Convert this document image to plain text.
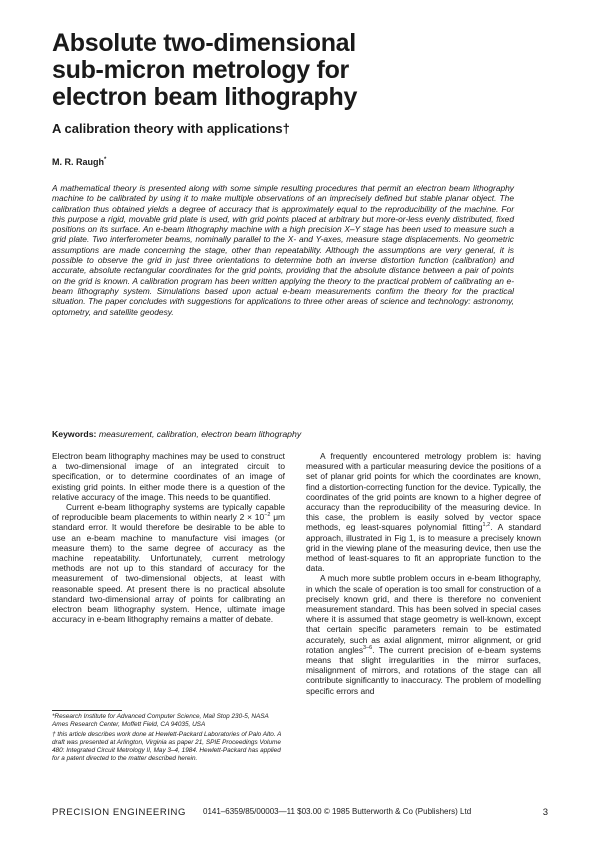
Absolute two-dimensional
sub-micron metrology for
electron beam lithography
A calibration theory with applications†
M. R. Raugh*

A mathematical theory is presented along with some simple resulting procedures that permit an electron beam lithography machine to be calibrated by using it to make multiple observations of an imprecisely defined but stable planar object. The calibration thus obtained yields a degree of accuracy that is approximately equal to the reproducibility of the machine. For this purpose a rigid, movable grid plate is used, with grid points placed at arbitrary but more-or-less evenly distributed, fixed positions on its surface. An e-beam lithography machine with a high precision X–Y stage has been used to measure such a grid plate. Two interferometer beams, nominally parallel to the X- and Y-axes, measure stage displacements. No geometric assumptions are made concerning the stage, other than repeatability. Although the assumptions are very general, it is possible to observe the grid in just three orientations to determine both an inverse distortion function (calibration) and accurate, absolute rectangular coordinates for the grid points, providing that the absolute distance between a pair of points on the grid is known. A calibration program has been written applying the theory to the practical problem of calibrating an e-beam lithography system. Simulations based upon actual e-beam measurements confirm the theory for the practical situation. The paper concludes with suggestions for applications to three other areas of science and technology: astronomy, optometry, and satellite geodesy.

Keywords: measurement, calibration, electron beam lithography

Electron beam lithography machines may be used to construct a two-dimensional image of an integrated circuit to specification, or to determine coordinates of an image of existing grid points. In either mode there is a question of the relative accuracy of the image. This needs to be quantified.

Current e-beam lithography systems are typically capable of reproducible beam placements to within nearly $2 \times 10^{-2}$ μm standard error. It would therefore be desirable to be able to use an e-beam machine to manufacture visi images (or measure them) to the same degree of accuracy as the machine repeatability. Unfortunately, current metrology methods are not up to this standard of accuracy for the measurement of two-dimensional objects, at least with reasonable speed. At present there is no practical absolute standard two-dimensional array of points for calibrating an electron beam lithography system. Hence, ultimate image accuracy in e-beam lithography remains a matter of debate.

*Research Institute for Advanced Computer Science, Mail Stop 230-5, NASA Ames Research Center, Moffett Field, CA 94035, USA

† this article describes work done at Hewlett-Packard Laboratories of Palo Alto. A draft was presented at Arlington, Virginia as paper 21, SPIE Proceedings Volume 480: Integrated Circuit Metrology II, May 3–4, 1984. Hewlett-Packard has applied for a patent directed to the matter described herein.

A frequently encountered metrology problem is: having measured with a particular measuring device the positions of a set of planar grid points for which the coordinates are known, find a distortion-correcting function for the device. Typically, the coordinates of the grid points are known to a higher degree of accuracy than the reproducibility of the measuring device. In this case, the problem is easily solved by vector space methods, eg least-squares polynomial fitting$^{1,2}$. A standard approach, illustrated in Fig 1, is to measure a precisely known grid in the viewing plane of the measuring device, then use the method of least-squares to fit an appropriate function to the data.

A much more subtle problem occurs in e-beam lithography, in which the scale of operation is too small for construction of a precisely known grid, and there is therefore no convenient measurement standard. This has been solved in special cases where it is assumed that stage geometry is well-known, except that certain specific parameters remain to be estimated accurately, such as axial alignment, mirror alignment, or grid rotation angles$^{3-6}$. The current precision of e-beam systems means that slight irregularities in the mirror surfaces, misalignment of mirrors, and rotations of the stage can all contribute significantly to inaccuracy. The problem of modelling specific errors and

PRECISION ENGINEERING 0141–6359/85/00003—11 $03.00 © 1985 Butterworth & Co (Publishers) Ltd	3
